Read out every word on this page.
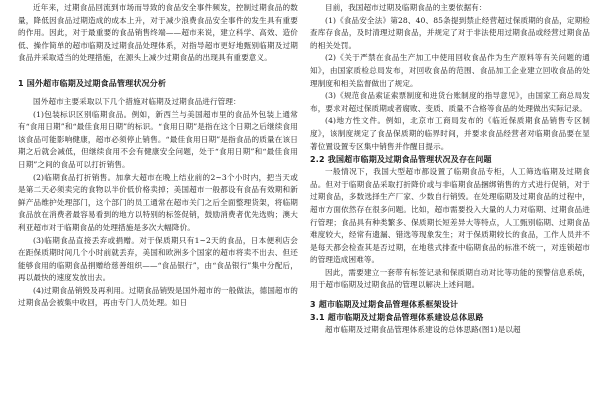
近年来，过期食品回流到市场而导致的食品安全事件频发，控制过期食品的数量，降低因食品过期造成的成本上升，对于减少浪费食品安全事件的发生具有重要的作用。因此，对于最重要的食品销售终端——超市来说，建立科学、高效、造价低、操作简单的超市临期及过期食品处理体系，对指导超市更好地甄别临期及过期食品并采取适当的处理措施，在源头上减少过期食品的出现具有重要意义。

1 国外超市临期及过期食品管理状况分析

国外超市主要采取以下几个措施对临期及过期食品进行管理：

(1)包装标识区别临期食品。例如，新西兰与美国超市里的食品外包装上通常有“食用日期”和“最佳食用日期”的标识。“食用日期”是指在这个日期之后继续食用该食品可能影响健康，超市必须停止销售。“最佳食用日期”是指食品的质量在该日期之后就会减低，但继续食用不会有健康安全问题，处于“食用日期”和“最佳食用日期”之间的食品可以打折销售。

(2)临期食品打折销售。加拿大超市在晚上结业前的2~3个小时内，把当天或是第二天必须卖完的食物以半价低价格卖掉；美国超市一般都设有食品有效期和新鲜产品维护处理部门，这个部门的员工通常在超市关门之后全面整理货架，将临期食品放在消费者最容易看到的地方以特别的标签促销，鼓励消费者优先选购；澳大利亚超市对于临期食品的处理措施是多次大幅降价。

(3)临期食品直接丢弃或捐赠。对于保质期只有1~2天的食品，日本便利店会在距保质期时间几个小时前就丢弃，美国和欧洲多个国家的超市将卖不出去、但还能够食用的临期食品捐赠给慈善组织——“食品银行”，由“食品银行”集中分配后，再以最快的速度发放出去。

(4)过期食品销毁及再利用。过期食品销毁是国外超市的一般做法，德国超市的过期食品会被集中收回，再由专门人员处理。如日

目前，我国超市过期及临期食品的主要依据有：

(1)《食品安全法》第28、40、85条提到禁止经营超过保质期的食品，定期检查库存食品，及时清理过期食品，并规定了对于非法使用过期食品或经营过期食品的相关处罚。

(2)《关于严禁在食品生产加工中使用回收食品作为生产原料等有关问题的通知》，由国家质检总局发布，对回收食品的范围、食品加工企业建立回收食品的处理制度和相关监督做出了规定。

(3)《规范食品索证索票制度和进货台账制度的指导意见》，由国家工商总局发布，要求对超过保质期或者腐败、变质、质量不合格等食品的处理做出实际记录。

(4)地方性文件。例如，北京市工商局发布的《临近保质期食品销售专区制度》，该制度规定了食品保质期的临界时间，并要求食品经营者对临期食品要在显著位置设置专区集中销售并作醒目提示。

2.2 我国超市临期及过期食品管理状况及存在问题

一般情况下，我国大型超市都设置了临期食品专柜，人工筛选临期及过期食品。但对于临期食品采取打折降价或与非临期食品捆绑销售的方式进行促销，对于过期食品，多数选择生产厂家、少数自行销毁。在处理临期及过期食品的过程中，超市方面依然存在很多问题。比如，超市需要投入大量的人力对临期、过期食品进行管理；食品具有种类繁多、保质期长短差异大等特点，人工甄别临期、过期食品难度较大，经常有遗漏、错选等现象发生；对于保质期较长的食品，工作人员并不是每天都会检查其是否过期，在地毯式排查中临期食品的标准不统一，对连锁超市的管理造成困难等。

因此，需要建立一套带有标签记录和保质期自动对比等功能的预警信息系统，用于超市临期及过期食品的管理以解决上述问题。

3 超市临期及过期食品管理体系框架设计

3.1 超市临期及过期食品管理体系建设总体思路

超市临期及过期食品管理体系建设的总体思路(图1)是以超
